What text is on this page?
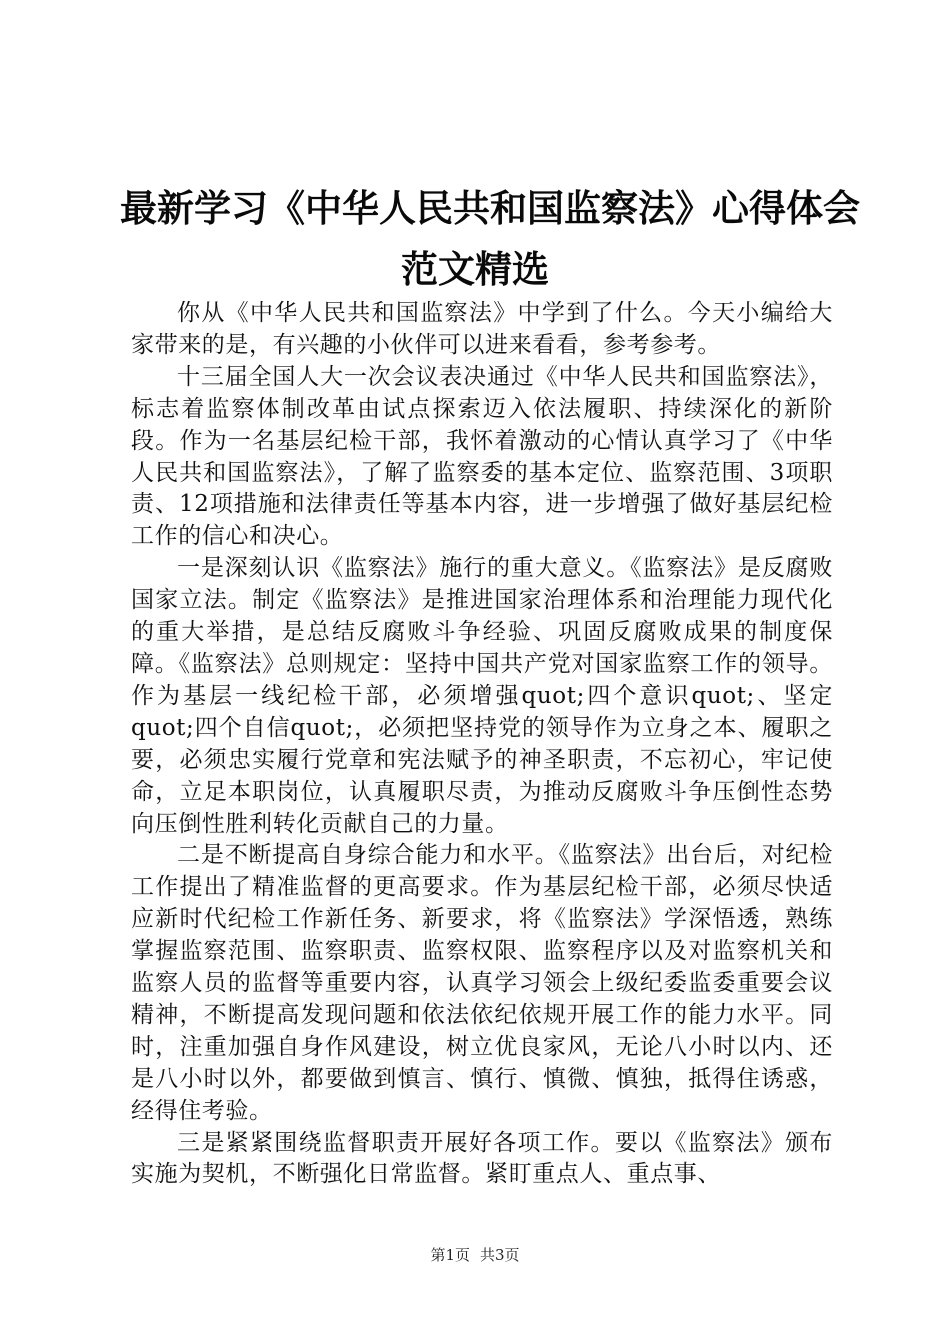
最新学习《中华人民共和国监察法》心得体会
范文精选

你从《中华人民共和国监察法》中学到了什么。今天小编给大家带来的是，有兴趣的小伙伴可以进来看看，参考参考。

十三届全国人大一次会议表决通过《中华人民共和国监察法》，标志着监察体制改革由试点探索迈入依法履职、持续深化的新阶段。作为一名基层纪检干部，我怀着激动的心情认真学习了《中华人民共和国监察法》，了解了监察委的基本定位、监察范围、3项职责、12项措施和法律责任等基本内容，进一步增强了做好基层纪检工作的信心和决心。

一是深刻认识《监察法》施行的重大意义。《监察法》是反腐败国家立法。制定《监察法》是推进国家治理体系和治理能力现代化的重大举措，是总结反腐败斗争经验、巩固反腐败成果的制度保障。《监察法》总则规定：坚持中国共产党对国家监察工作的领导。作为基层一线纪检干部，必须增强quot;四个意识quot;、坚定quot;四个自信quot;，必须把坚持党的领导作为立身之本、履职之要，必须忠实履行党章和宪法赋予的神圣职责，不忘初心，牢记使命，立足本职岗位，认真履职尽责，为推动反腐败斗争压倒性态势向压倒性胜利转化贡献自己的力量。

二是不断提高自身综合能力和水平。《监察法》出台后，对纪检工作提出了精准监督的更高要求。作为基层纪检干部，必须尽快适应新时代纪检工作新任务、新要求，将《监察法》学深悟透，熟练掌握监察范围、监察职责、监察权限、监察程序以及对监察机关和监察人员的监督等重要内容，认真学习领会上级纪委监委重要会议精神，不断提高发现问题和依法依纪依规开展工作的能力水平。同时，注重加强自身作风建设，树立优良家风，无论八小时以内、还是八小时以外，都要做到慎言、慎行、慎微、慎独，抵得住诱惑，经得住考验。

三是紧紧围绕监督职责开展好各项工作。要以《监察法》颁布实施为契机，不断强化日常监督。紧盯重点人、重点事、

第1页 共3页
